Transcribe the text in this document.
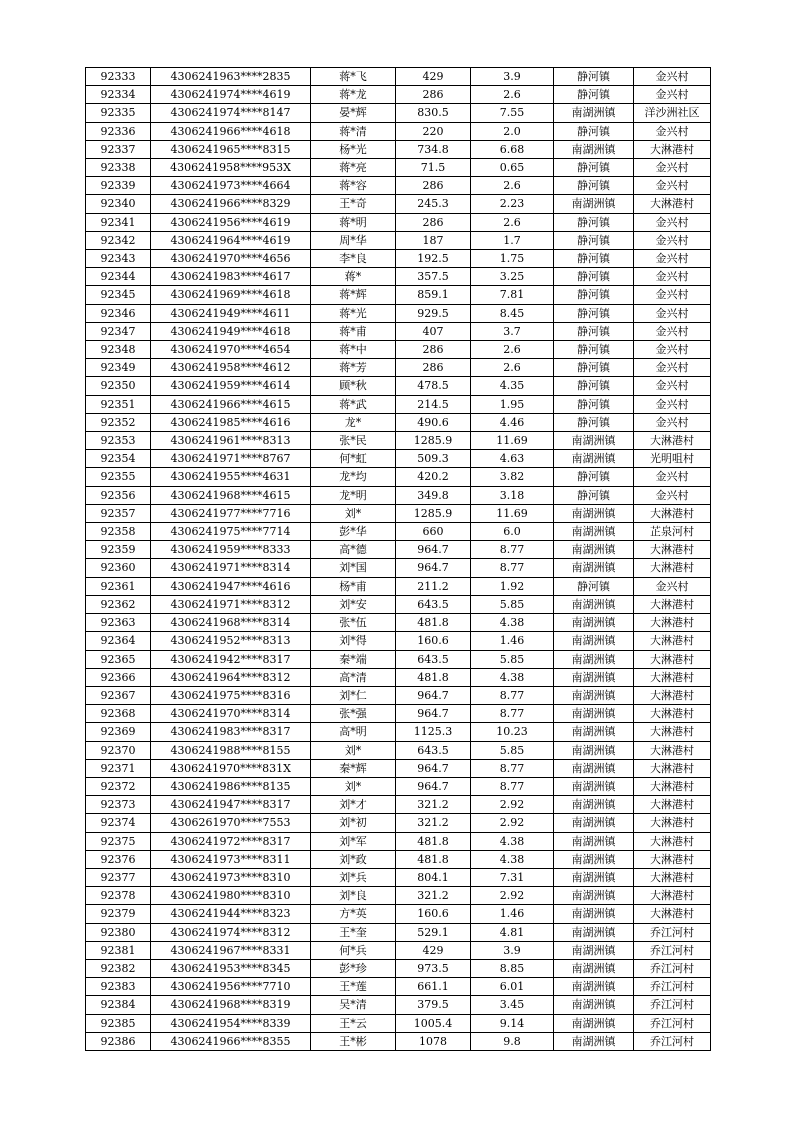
92333	4306241963****2835	蒋*飞	429	3.9	静河镇	金兴村
92334	4306241974****4619	蒋*龙	286	2.6	静河镇	金兴村
92335	4306241974****8147	晏*辉	830.5	7.55	南湖洲镇	洋沙洲社区
92336	4306241966****4618	蒋*清	220	2.0	静河镇	金兴村
92337	4306241965****8315	杨*光	734.8	6.68	南湖洲镇	大淋港村
92338	4306241958****953X	蒋*亮	71.5	0.65	静河镇	金兴村
92339	4306241973****4664	蒋*容	286	2.6	静河镇	金兴村
92340	4306241966****8329	王*奇	245.3	2.23	南湖洲镇	大淋港村
92341	4306241956****4619	蒋*明	286	2.6	静河镇	金兴村
92342	4306241964****4619	周*华	187	1.7	静河镇	金兴村
92343	4306241970****4656	李*良	192.5	1.75	静河镇	金兴村
92344	4306241983****4617	蒋*	357.5	3.25	静河镇	金兴村
92345	4306241969****4618	蒋*辉	859.1	7.81	静河镇	金兴村
92346	4306241949****4611	蒋*光	929.5	8.45	静河镇	金兴村
92347	4306241949****4618	蒋*甫	407	3.7	静河镇	金兴村
92348	4306241970****4654	蒋*中	286	2.6	静河镇	金兴村
92349	4306241958****4612	蒋*芳	286	2.6	静河镇	金兴村
92350	4306241959****4614	顾*秋	478.5	4.35	静河镇	金兴村
92351	4306241966****4615	蒋*武	214.5	1.95	静河镇	金兴村
92352	4306241985****4616	龙*	490.6	4.46	静河镇	金兴村
92353	4306241961****8313	张*民	1285.9	11.69	南湖洲镇	大淋港村
92354	4306241971****8767	何*虹	509.3	4.63	南湖洲镇	光明咀村
92355	4306241955****4631	龙*均	420.2	3.82	静河镇	金兴村
92356	4306241968****4615	龙*明	349.8	3.18	静河镇	金兴村
92357	4306241977****7716	刘*	1285.9	11.69	南湖洲镇	大淋港村
92358	4306241975****7714	彭*华	660	6.0	南湖洲镇	芷泉河村
92359	4306241959****8333	高*德	964.7	8.77	南湖洲镇	大淋港村
92360	4306241971****8314	刘*国	964.7	8.77	南湖洲镇	大淋港村
92361	4306241947****4616	杨*甫	211.2	1.92	静河镇	金兴村
92362	4306241971****8312	刘*安	643.5	5.85	南湖洲镇	大淋港村
92363	4306241968****8314	张*伍	481.8	4.38	南湖洲镇	大淋港村
92364	4306241952****8313	刘*得	160.6	1.46	南湖洲镇	大淋港村
92365	4306241942****8317	秦*端	643.5	5.85	南湖洲镇	大淋港村
92366	4306241964****8312	高*清	481.8	4.38	南湖洲镇	大淋港村
92367	4306241975****8316	刘*仁	964.7	8.77	南湖洲镇	大淋港村
92368	4306241970****8314	张*强	964.7	8.77	南湖洲镇	大淋港村
92369	4306241983****8317	高*明	1125.3	10.23	南湖洲镇	大淋港村
92370	4306241988****8155	刘*	643.5	5.85	南湖洲镇	大淋港村
92371	4306241970****831X	秦*辉	964.7	8.77	南湖洲镇	大淋港村
92372	4306241986****8135	刘*	964.7	8.77	南湖洲镇	大淋港村
92373	4306241947****8317	刘*才	321.2	2.92	南湖洲镇	大淋港村
92374	4306261970****7553	刘*初	321.2	2.92	南湖洲镇	大淋港村
92375	4306241972****8317	刘*军	481.8	4.38	南湖洲镇	大淋港村
92376	4306241973****8311	刘*政	481.8	4.38	南湖洲镇	大淋港村
92377	4306241973****8310	刘*兵	804.1	7.31	南湖洲镇	大淋港村
92378	4306241980****8310	刘*良	321.2	2.92	南湖洲镇	大淋港村
92379	4306241944****8323	方*英	160.6	1.46	南湖洲镇	大淋港村
92380	4306241974****8312	王*奎	529.1	4.81	南湖洲镇	乔江河村
92381	4306241967****8331	何*兵	429	3.9	南湖洲镇	乔江河村
92382	4306241953****8345	彭*珍	973.5	8.85	南湖洲镇	乔江河村
92383	4306241956****7710	王*莲	661.1	6.01	南湖洲镇	乔江河村
92384	4306241968****8319	吴*清	379.5	3.45	南湖洲镇	乔江河村
92385	4306241954****8339	王*云	1005.4	9.14	南湖洲镇	乔江河村
92386	4306241966****8355	王*彬	1078	9.8	南湖洲镇	乔江河村
